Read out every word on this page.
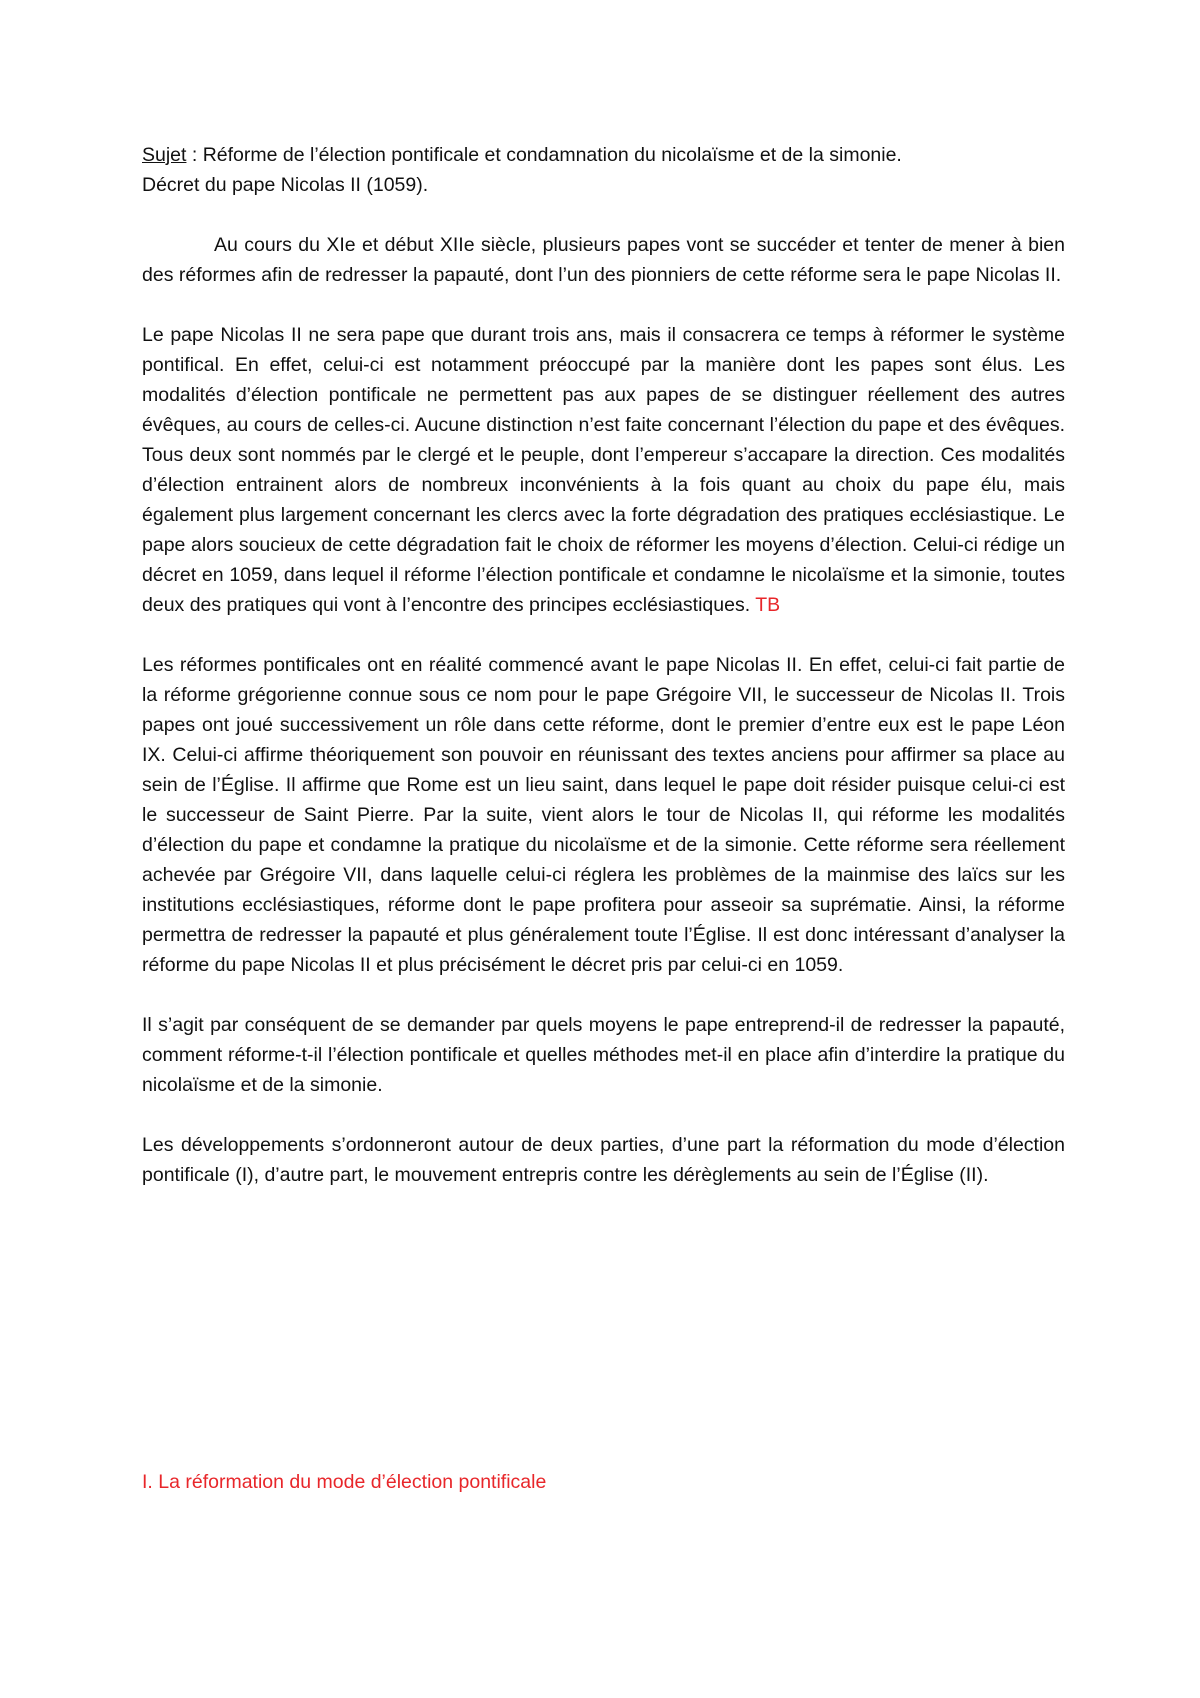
Sujet : Réforme de l’élection pontificale et condamnation du nicolaïsme et de la simonie.
Décret du pape Nicolas II (1059).

Au cours du XIe et début XIIe siècle, plusieurs papes vont se succéder et tenter de mener à bien des réformes afin de redresser la papauté, dont l’un des pionniers de cette réforme sera le pape Nicolas II.

Le pape Nicolas II ne sera pape que durant trois ans, mais il consacrera ce temps à réformer le système pontifical. En effet, celui-ci est notamment préoccupé par la manière dont les papes sont élus. Les modalités d’élection pontificale ne permettent pas aux papes de se distinguer réellement des autres évêques, au cours de celles-ci. Aucune distinction n’est faite concernant l’élection du pape et des évêques. Tous deux sont nommés par le clergé et le peuple, dont l’empereur s’accapare la direction. Ces modalités d’élection entrainent alors de nombreux inconvénients à la fois quant au choix du pape élu, mais également plus largement concernant les clercs avec la forte dégradation des pratiques ecclésiastique. Le pape alors soucieux de cette dégradation fait le choix de réformer les moyens d’élection. Celui-ci rédige un décret en 1059, dans lequel il réforme l’élection pontificale et condamne le nicolaïsme et la simonie, toutes deux des pratiques qui vont à l’encontre des principes ecclésiastiques. TB

Les réformes pontificales ont en réalité commencé avant le pape Nicolas II. En effet, celui-ci fait partie de la réforme grégorienne connue sous ce nom pour le pape Grégoire VII, le successeur de Nicolas II. Trois papes ont joué successivement un rôle dans cette réforme, dont le premier d’entre eux est le pape Léon IX. Celui-ci affirme théoriquement son pouvoir en réunissant des textes anciens pour affirmer sa place au sein de l’Église. Il affirme que Rome est un lieu saint, dans lequel le pape doit résider puisque celui-ci est le successeur de Saint Pierre. Par la suite, vient alors le tour de Nicolas II, qui réforme les modalités d’élection du pape et condamne la pratique du nicolaïsme et de la simonie. Cette réforme sera réellement achevée par Grégoire VII, dans laquelle celui-ci réglera les problèmes de la mainmise des laïcs sur les institutions ecclésiastiques, réforme dont le pape profitera pour asseoir sa suprématie. Ainsi, la réforme permettra de redresser la papauté et plus généralement toute l’Église. Il est donc intéressant d’analyser la réforme du pape Nicolas II et plus précisément le décret pris par celui-ci en 1059.

Il s’agit par conséquent de se demander par quels moyens le pape entreprend-il de redresser la papauté, comment réforme-t-il l’élection pontificale et quelles méthodes met-il en place afin d’interdire la pratique du nicolaïsme et de la simonie.

Les développements s’ordonneront autour de deux parties, d’une part la réformation du mode d’élection pontificale (I), d’autre part, le mouvement entrepris contre les dérèglements au sein de l’Église (II).

I. La réformation du mode d’élection pontificale
